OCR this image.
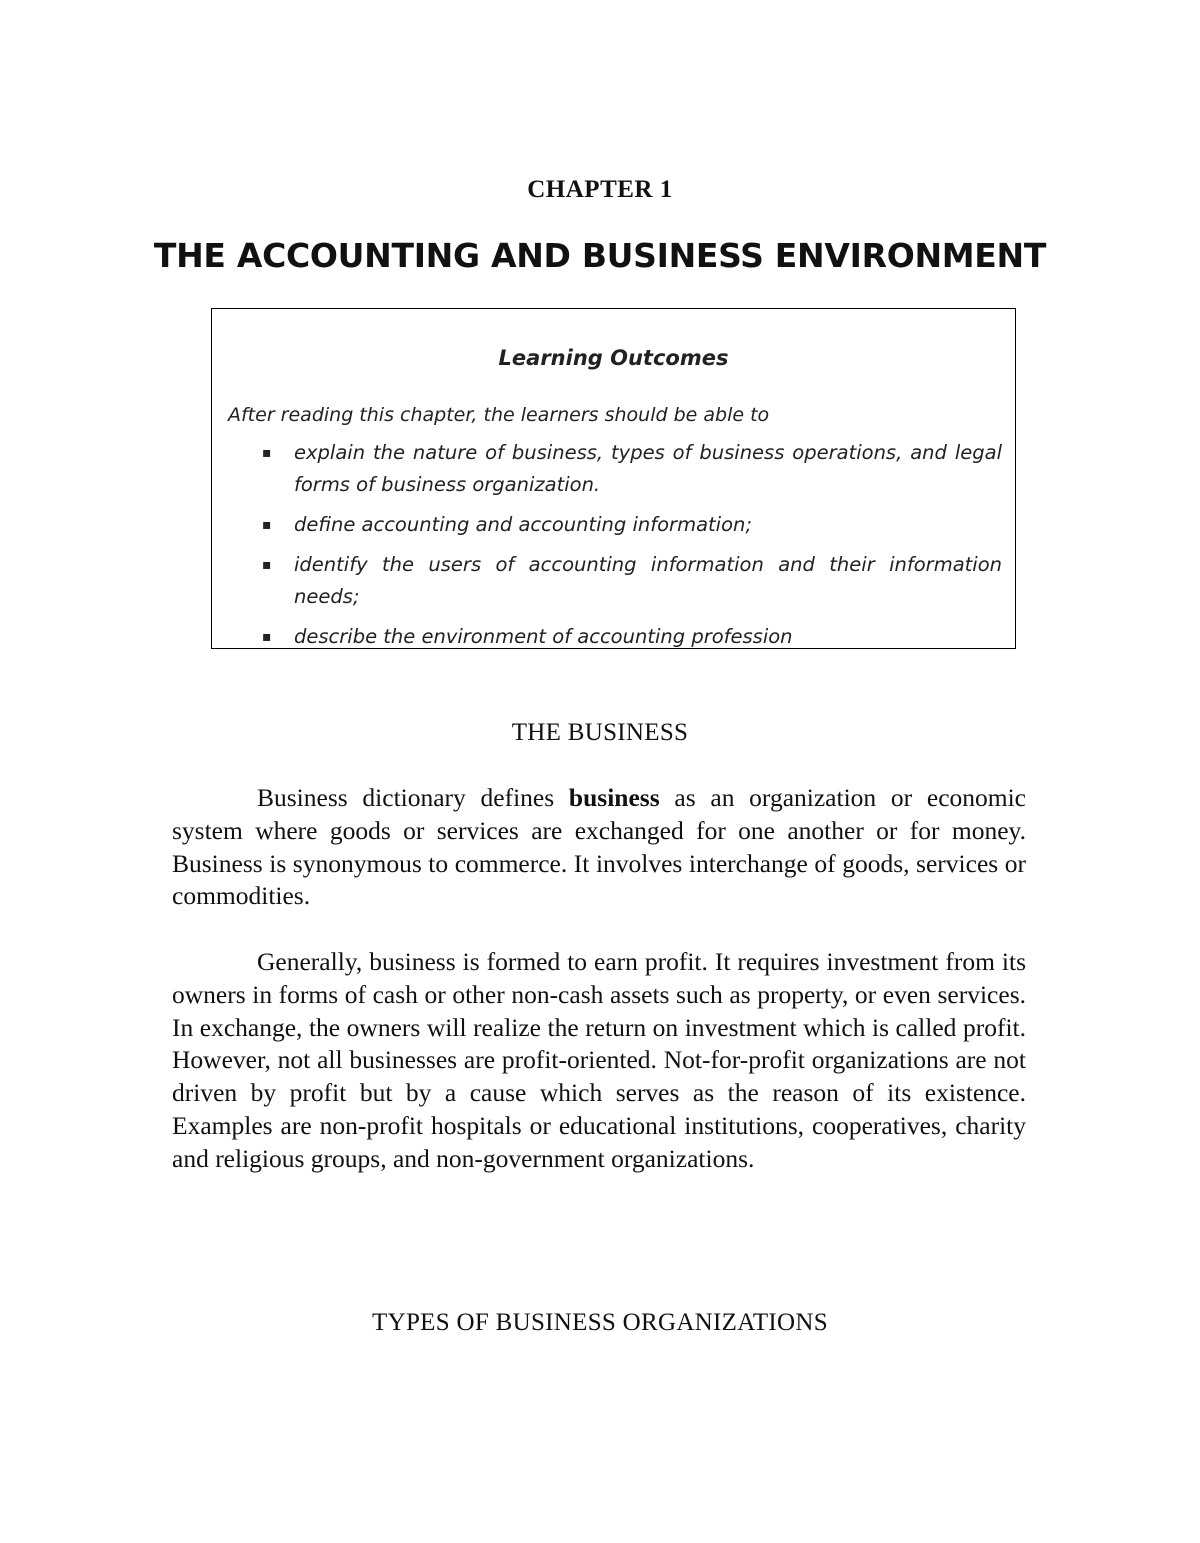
CHAPTER 1
THE ACCOUNTING AND BUSINESS ENVIRONMENT
Learning Outcomes
After reading this chapter, the learners should be able to
▪ explain the nature of business, types of business operations, and legal forms of business organization.
▪ define accounting and accounting information;
▪ identify the users of accounting information and their information needs;
▪ describe the environment of accounting profession
THE BUSINESS

Business dictionary defines business as an organization or economic system where goods or services are exchanged for one another or for money. Business is synonymous to commerce. It involves interchange of goods, services or commodities.

Generally, business is formed to earn profit. It requires investment from its owners in forms of cash or other non-cash assets such as property, or even services. In exchange, the owners will realize the return on investment which is called profit. However, not all businesses are profit-oriented. Not-for-profit organizations are not driven by profit but by a cause which serves as the reason of its existence. Examples are non-profit hospitals or educational institutions, cooperatives, charity and religious groups, and non-government organizations.

TYPES OF BUSINESS ORGANIZATIONS
